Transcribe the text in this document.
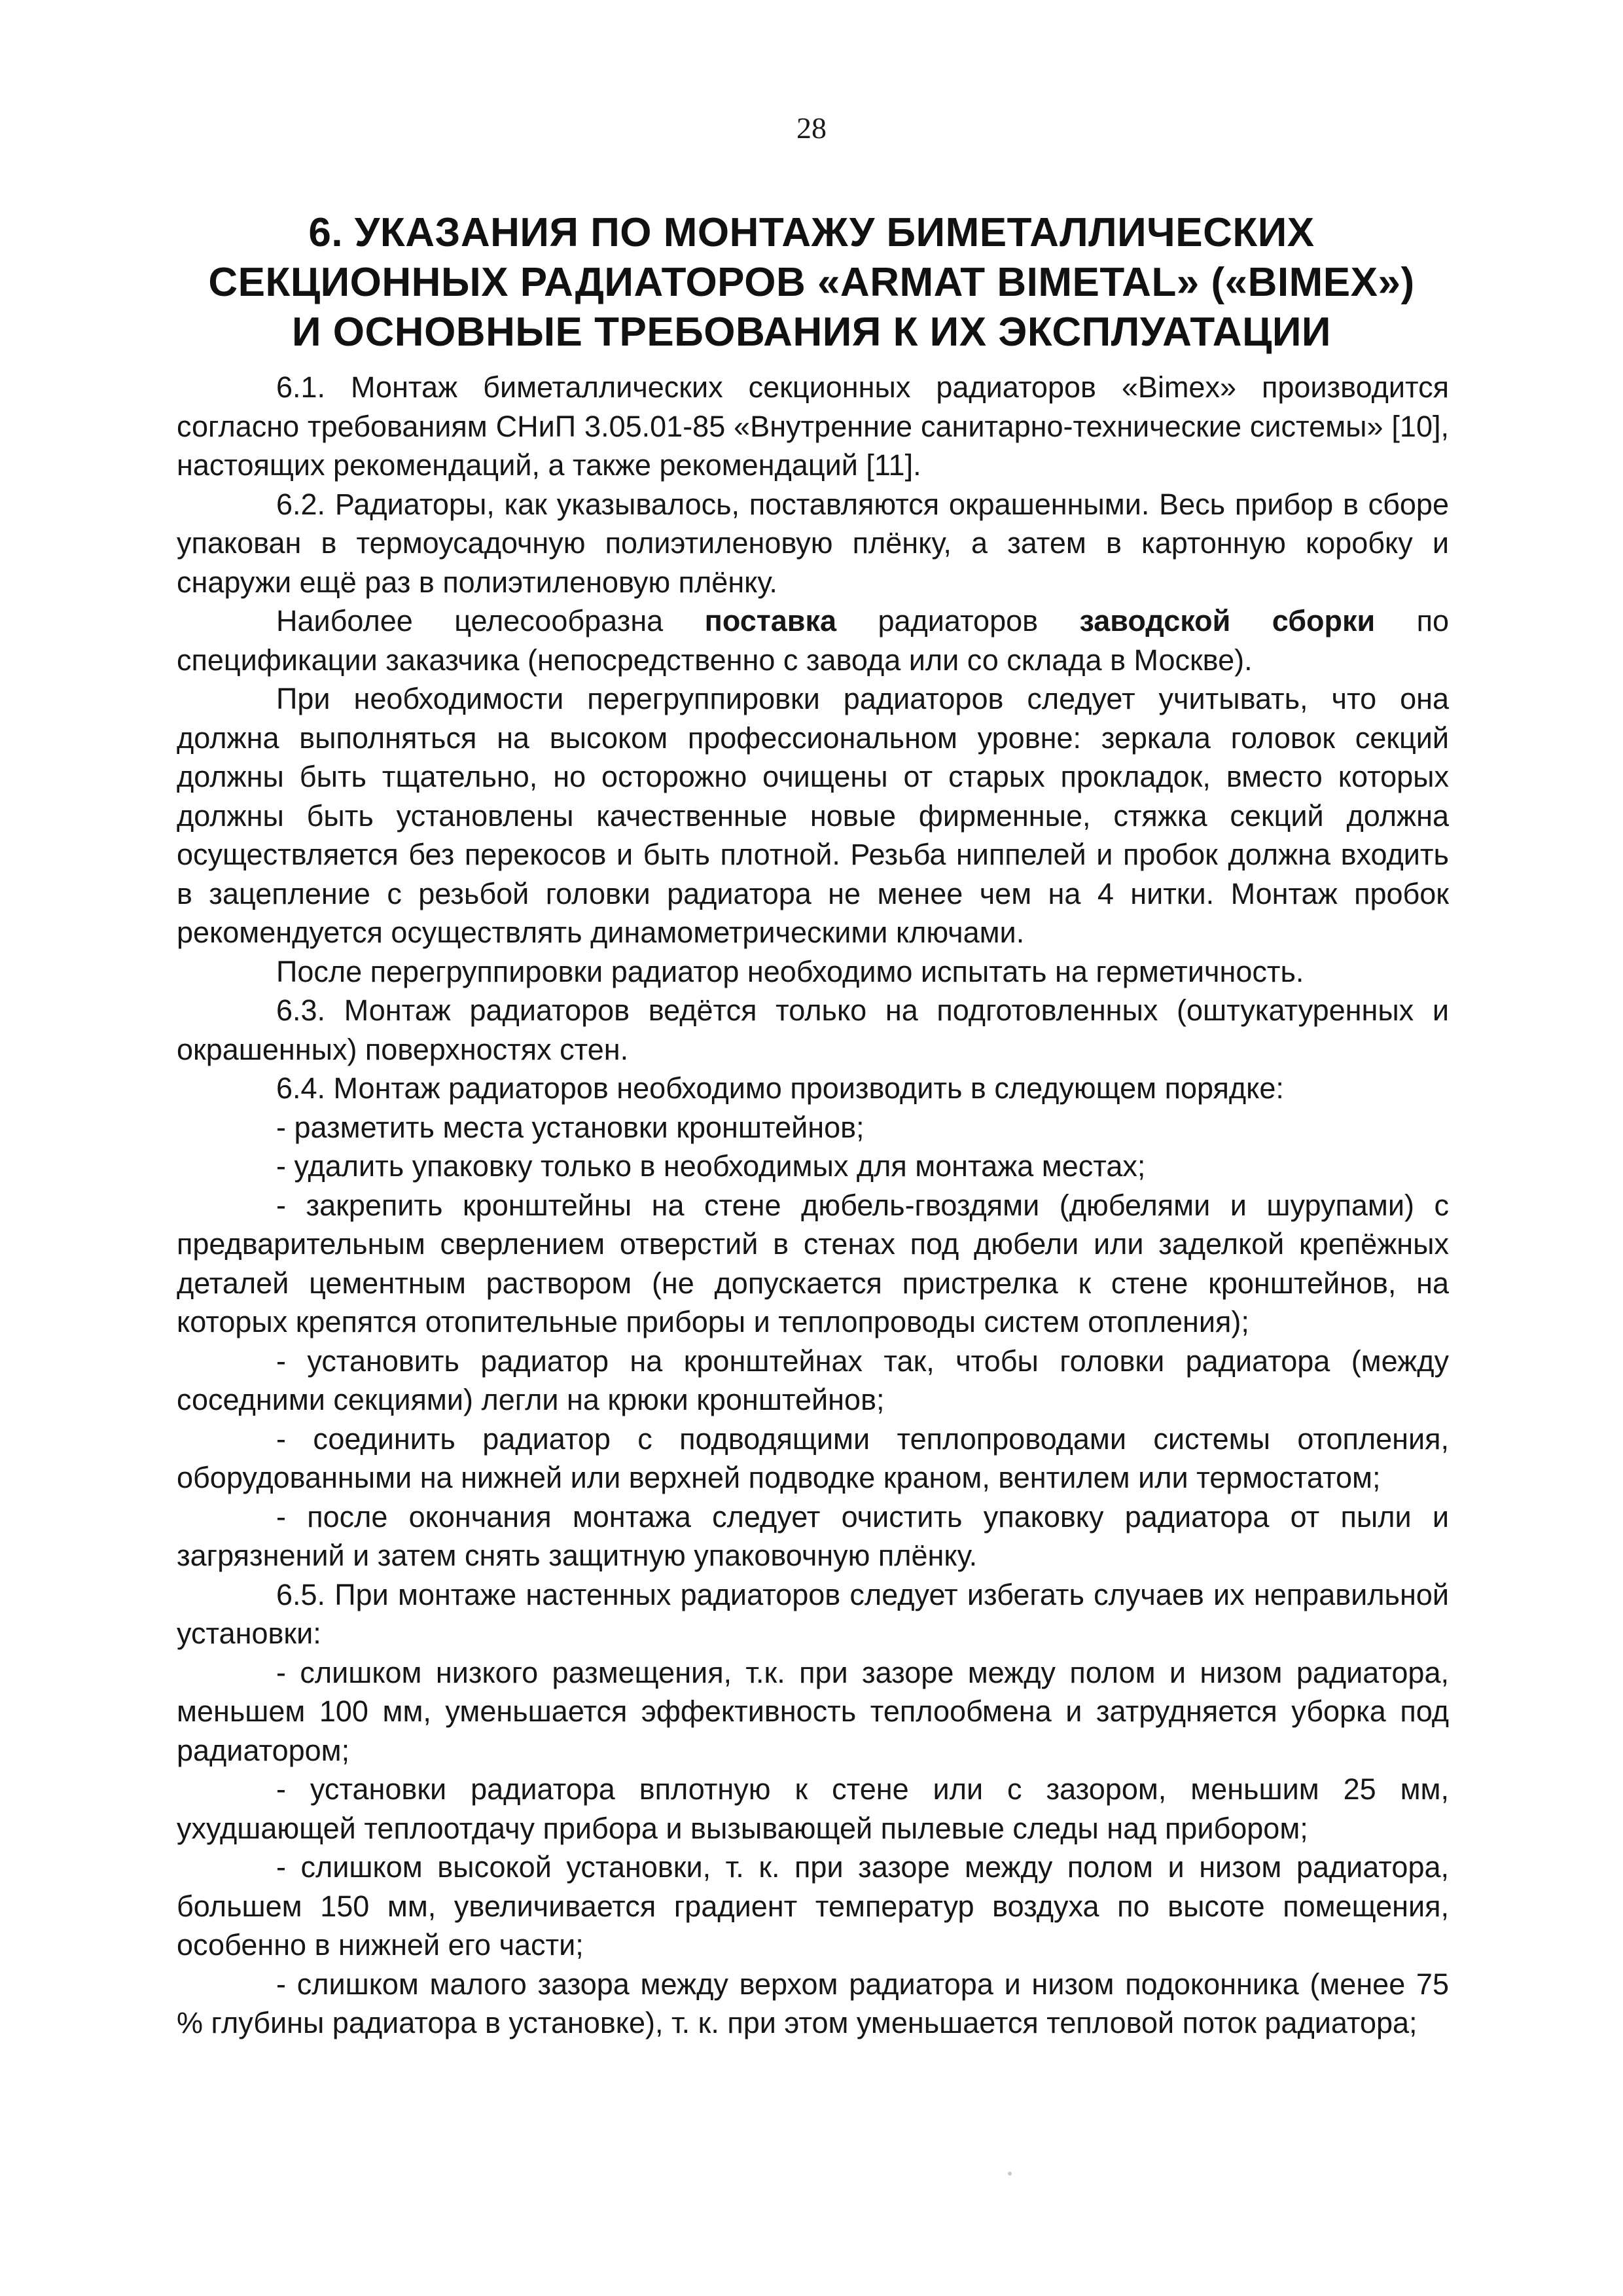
28
6. УКАЗАНИЯ ПО МОНТАЖУ БИМЕТАЛЛИЧЕСКИХ
СЕКЦИОННЫХ РАДИАТОРОВ «ARMAT BIMETAL» («BIMEX»)
И ОСНОВНЫЕ ТРЕБОВАНИЯ К ИХ ЭКСПЛУАТАЦИИ

6.1. Монтаж биметаллических секционных радиаторов «Bimex» производится согласно требованиям СНиП 3.05.01-85 «Внутренние санитарно-технические системы» [10], настоящих рекомендаций, а также рекомендаций [11].

6.2. Радиаторы, как указывалось, поставляются окрашенными. Весь прибор в сборе упакован в термоусадочную полиэтиленовую плёнку, а затем в картонную коробку и снаружи ещё раз в полиэтиленовую плёнку.

Наиболее целесообразна поставка радиаторов заводской сборки по спецификации заказчика (непосредственно с завода или со склада в Москве).

При необходимости перегруппировки радиаторов следует учитывать, что она должна выполняться на высоком профессиональном уровне: зеркала головок секций должны быть тщательно, но осторожно очищены от старых прокладок, вместо которых должны быть установлены качественные новые фирменные, стяжка секций должна осуществляется без перекосов и быть плотной. Резьба ниппелей и пробок должна входить в зацепление с резьбой головки радиатора не менее чем на 4 нитки. Монтаж пробок рекомендуется осуществлять динамометрическими ключами.

После перегруппировки радиатор необходимо испытать на герметичность.

6.3. Монтаж радиаторов ведётся только на подготовленных (оштукатуренных и окрашенных) поверхностях стен.

6.4. Монтаж радиаторов необходимо производить в следующем порядке:

- разметить места установки кронштейнов;

- удалить упаковку только в необходимых для монтажа местах;

- закрепить кронштейны на стене дюбель-гвоздями (дюбелями и шурупами) с предварительным сверлением отверстий в стенах под дюбели или заделкой крепёжных деталей цементным раствором (не допускается пристрелка к стене кронштейнов, на которых крепятся отопительные приборы и теплопроводы систем отопления);

- установить радиатор на кронштейнах так, чтобы головки радиатора (между соседними секциями) легли на крюки кронштейнов;

- соединить радиатор с подводящими теплопроводами системы отопления, оборудованными на нижней или верхней подводке краном, вентилем или термостатом;

- после окончания монтажа следует очистить упаковку радиатора от пыли и загрязнений и затем снять защитную упаковочную плёнку.

6.5. При монтаже настенных радиаторов следует избегать случаев их неправильной установки:

- слишком низкого размещения, т.к. при зазоре между полом и низом радиатора, меньшем 100 мм, уменьшается эффективность теплообмена и затрудняется уборка под радиатором;

- установки радиатора вплотную к стене или с зазором, меньшим 25 мм, ухудшающей теплоотдачу прибора и вызывающей пылевые следы над прибором;

- слишком высокой установки, т. к. при зазоре между полом и низом радиатора, большем 150 мм, увеличивается градиент температур воздуха по высоте помещения, особенно в нижней его части;

- слишком малого зазора между верхом радиатора и низом подоконника (менее 75 % глубины радиатора в установке), т. к. при этом уменьшается тепловой поток радиатора;
